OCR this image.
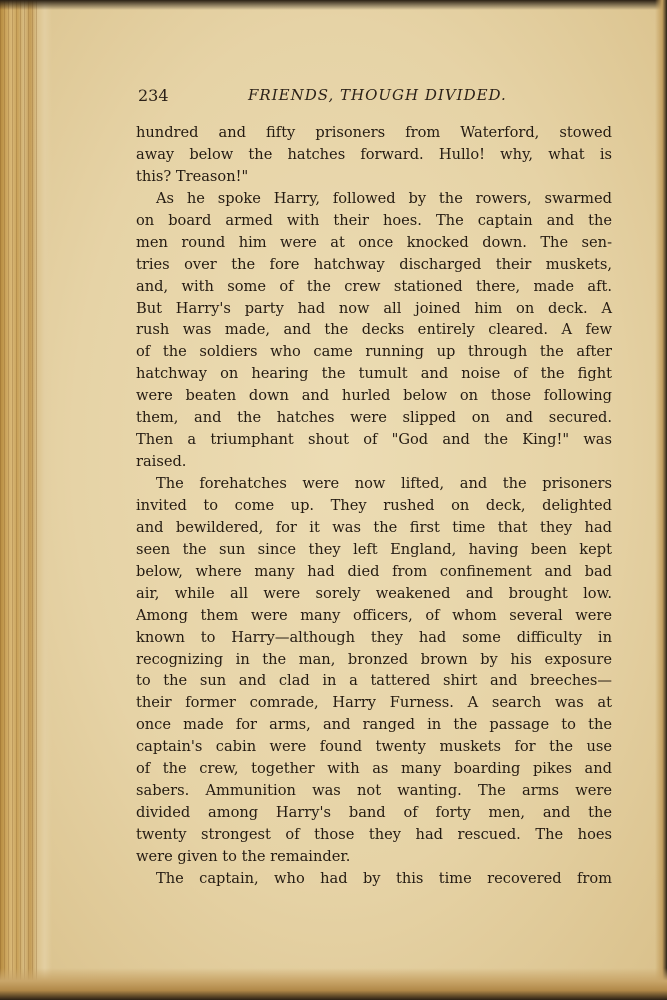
234	FRIENDS, THOUGH DIVIDED.
hundred and fifty prisoners from Waterford, stowed
away below the hatches forward. Hullo! why, what is
this? Treason!"
As he spoke Harry, followed by the rowers, swarmed
on board armed with their hoes. The captain and the
men round him were at once knocked down. The sen-
tries over the fore hatchway discharged their muskets,
and, with some of the crew stationed there, made aft.
But Harry's party had now all joined him on deck. A
rush was made, and the decks entirely cleared. A few
of the soldiers who came running up through the after
hatchway on hearing the tumult and noise of the fight
were beaten down and hurled below on those following
them, and the hatches were slipped on and secured.
Then a triumphant shout of "God and the King!" was
raised.
The forehatches were now lifted, and the prisoners
invited to come up. They rushed on deck, delighted
and bewildered, for it was the first time that they had
seen the sun since they left England, having been kept
below, where many had died from confinement and bad
air, while all were sorely weakened and brought low.
Among them were many officers, of whom several were
known to Harry—although they had some difficulty in
recognizing in the man, bronzed brown by his exposure
to the sun and clad in a tattered shirt and breeches—
their former comrade, Harry Furness. A search was at
once made for arms, and ranged in the passage to the
captain's cabin were found twenty muskets for the use
of the crew, together with as many boarding pikes and
sabers. Ammunition was not wanting. The arms were
divided among Harry's band of forty men, and the
twenty strongest of those they had rescued. The hoes
were given to the remainder.
The captain, who had by this time recovered from
